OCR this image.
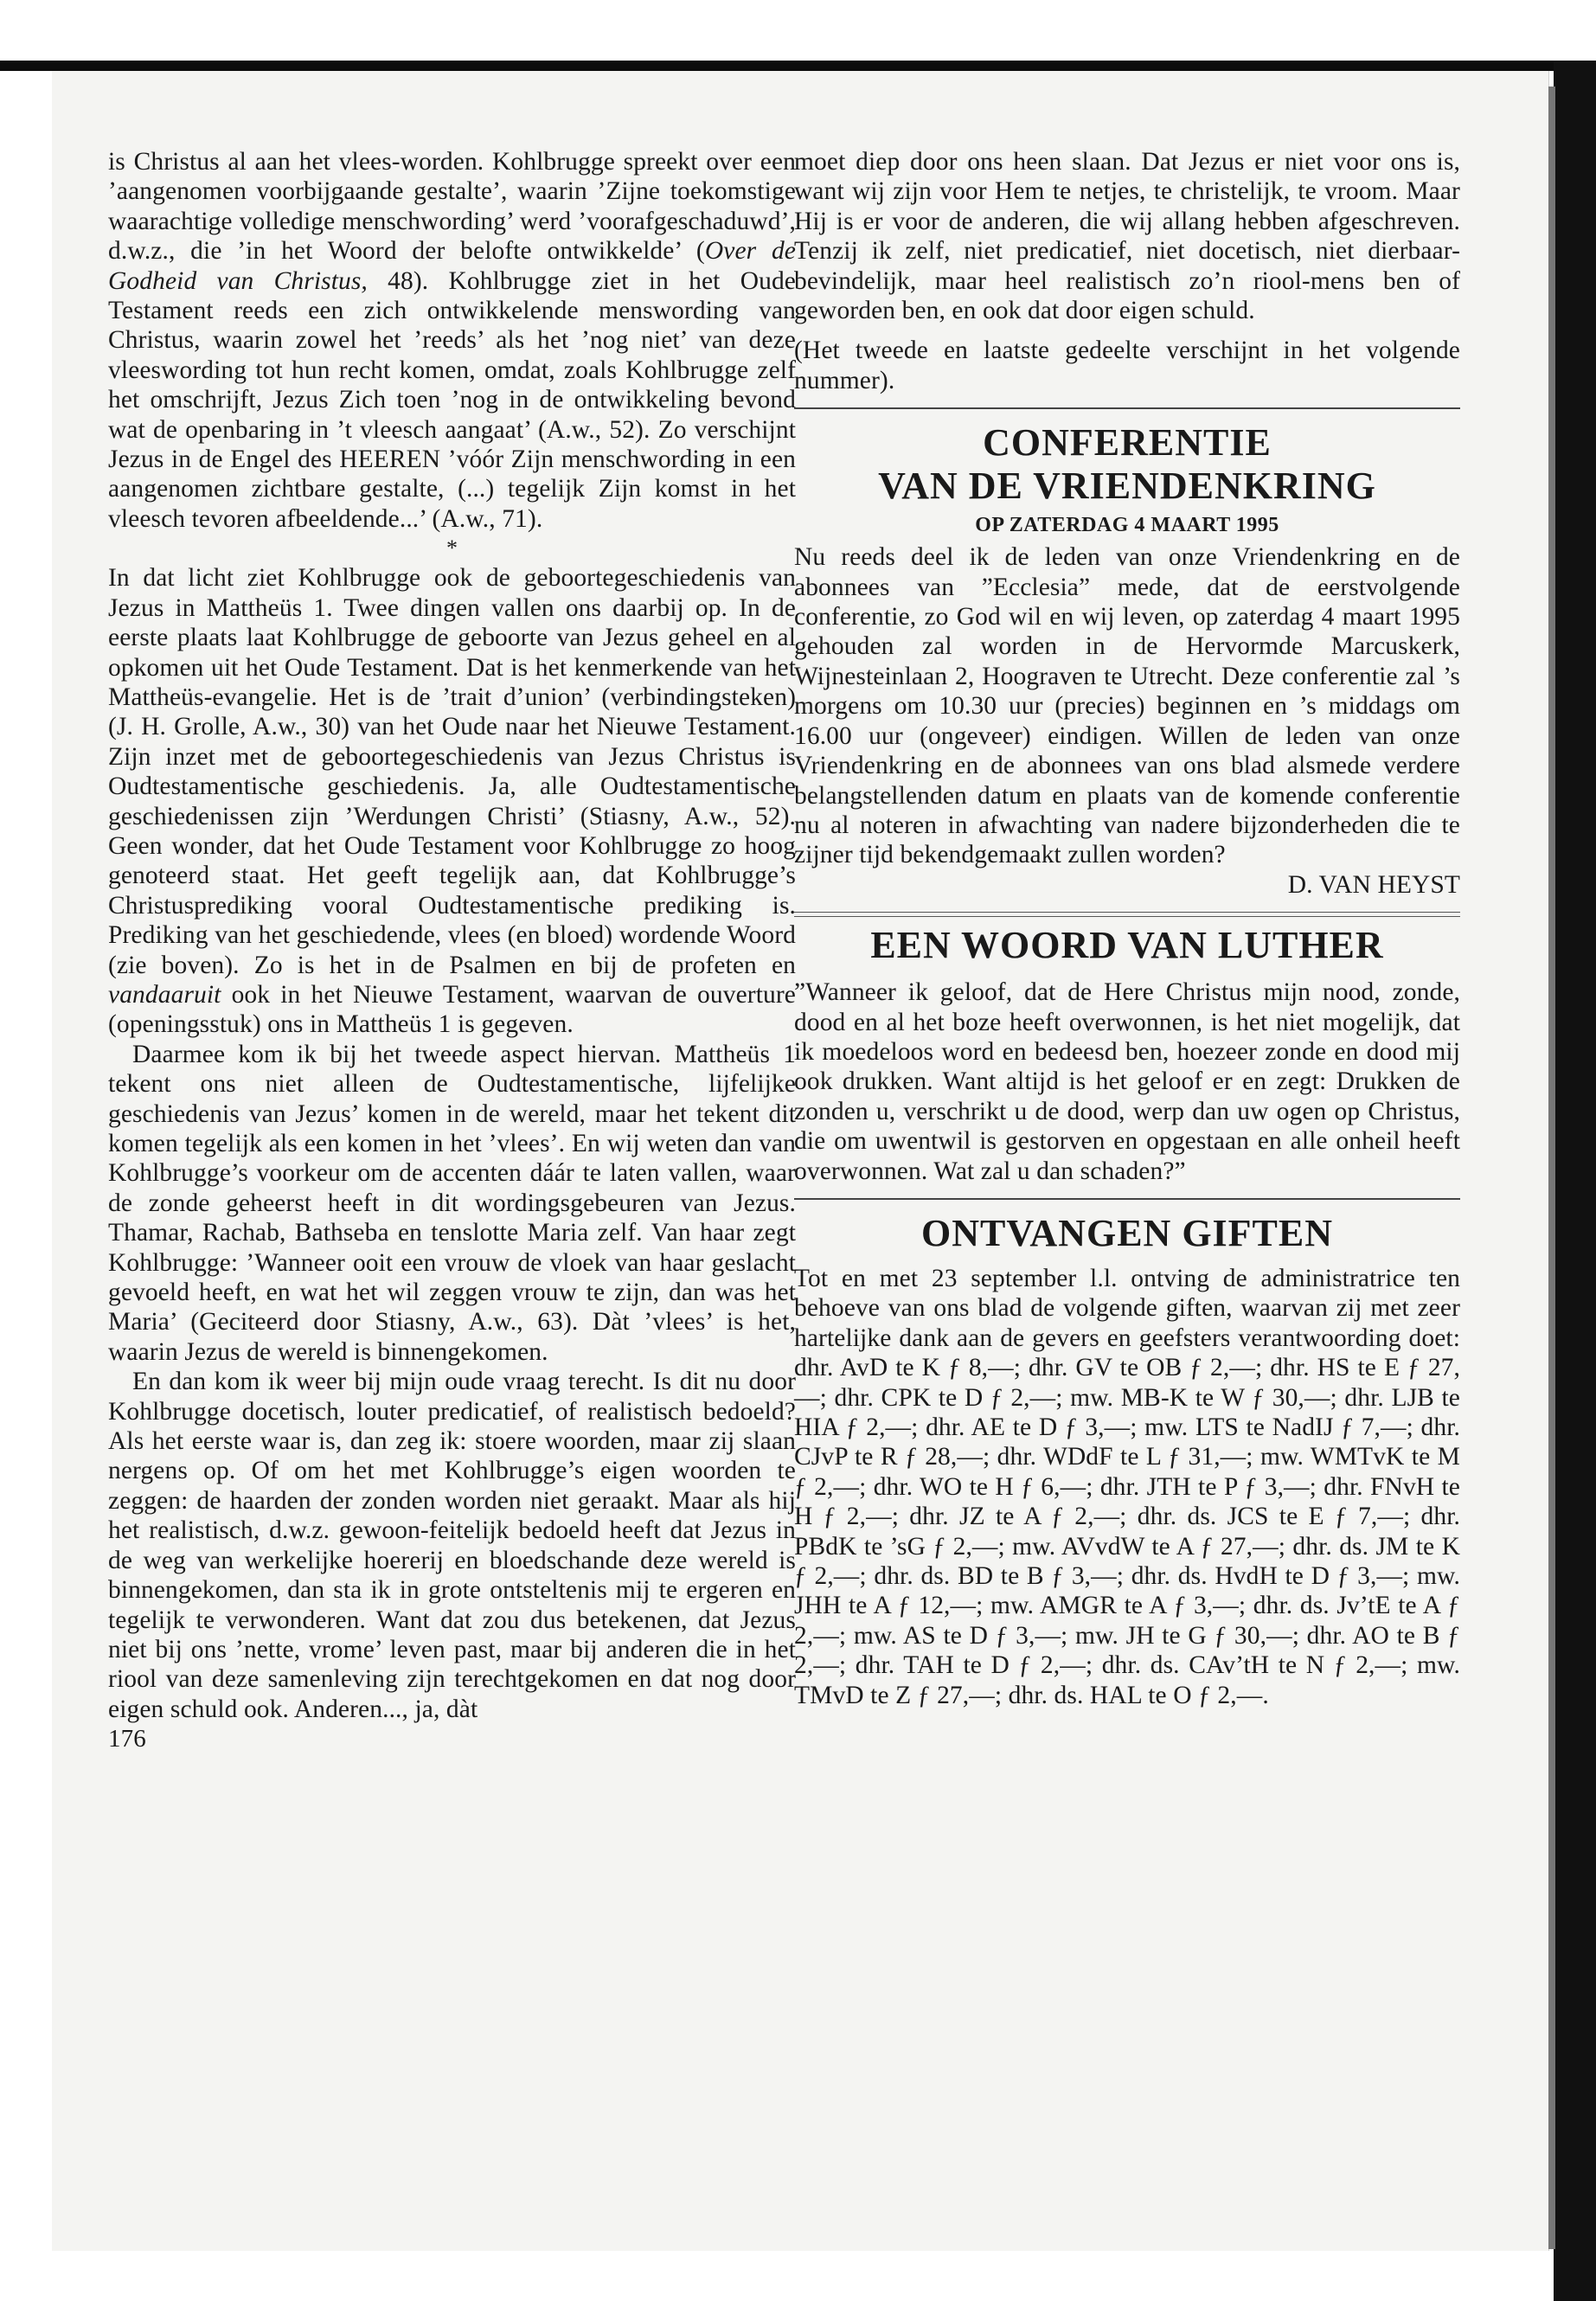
is Christus al aan het vlees-worden. Kohlbrugge spreekt over een ’aangenomen voorbijgaande gestalte’, waarin ’Zijne toekomstige waarachtige volledige menschwording’ werd ’voorafgeschaduwd’, d.w.z., die ’in het Woord der belofte ontwikkelde’ (Over de Godheid van Christus, 48). Kohlbrugge ziet in het Oude Testament reeds een zich ontwikkelende menswording van Christus, waarin zowel het ’reeds’ als het ’nog niet’ van deze vleeswording tot hun recht komen, omdat, zoals Kohlbrugge zelf het omschrijft, Jezus Zich toen ’nog in de ontwikkeling bevond wat de openbaring in ’t vleesch aangaat’ (A.w., 52). Zo verschijnt Jezus in de Engel des HEEREN ’vóór Zijn menschwording in een aangenomen zichtbare gestalte, (...) tegelijk Zijn komst in het vleesch tevoren afbeeldende...’ (A.w., 71).

*

In dat licht ziet Kohlbrugge ook de geboortegeschiedenis van Jezus in Mattheüs 1. Twee dingen vallen ons daarbij op. In de eerste plaats laat Kohlbrugge de geboorte van Jezus geheel en al opkomen uit het Oude Testament. Dat is het kenmerkende van het Mattheüs-evangelie. Het is de ’trait d’union’ (verbindingsteken) (J. H. Grolle, A.w., 30) van het Oude naar het Nieuwe Testament. Zijn inzet met de geboortegeschiedenis van Jezus Christus is Oudtestamentische geschiedenis. Ja, alle Oudtestamentische geschiedenissen zijn ’Werdungen Christi’ (Stiasny, A.w., 52). Geen wonder, dat het Oude Testament voor Kohlbrugge zo hoog genoteerd staat. Het geeft tegelijk aan, dat Kohlbrugge’s Christusprediking vooral Oudtestamentische prediking is. Prediking van het geschiedende, vlees (en bloed) wordende Woord (zie boven). Zo is het in de Psalmen en bij de profeten en vandaaruit ook in het Nieuwe Testament, waarvan de ouverture (openingsstuk) ons in Mattheüs 1 is gegeven.

Daarmee kom ik bij het tweede aspect hiervan. Mattheüs 1 tekent ons niet alleen de Oudtestamentische, lijfelijke geschiedenis van Jezus’ komen in de wereld, maar het tekent dit komen tegelijk als een komen in het ’vlees’. En wij weten dan van Kohlbrugge’s voorkeur om de accenten dáár te laten vallen, waar de zonde geheerst heeft in dit wordingsgebeuren van Jezus. Thamar, Rachab, Bathseba en tenslotte Maria zelf. Van haar zegt Kohlbrugge: ’Wanneer ooit een vrouw de vloek van haar geslacht gevoeld heeft, en wat het wil zeggen vrouw te zijn, dan was het Maria’ (Geciteerd door Stiasny, A.w., 63). Dàt ’vlees’ is het, waarin Jezus de wereld is binnengekomen.

En dan kom ik weer bij mijn oude vraag terecht. Is dit nu door Kohlbrugge docetisch, louter predicatief, of realistisch bedoeld? Als het eerste waar is, dan zeg ik: stoere woorden, maar zij slaan nergens op. Of om het met Kohlbrugge’s eigen woorden te zeggen: de haarden der zonden worden niet geraakt. Maar als hij het realistisch, d.w.z. gewoon-feitelijk bedoeld heeft dat Jezus in de weg van werkelijke hoererij en bloedschande deze wereld is binnengekomen, dan sta ik in grote ontsteltenis mij te ergeren en tegelijk te verwonderen. Want dat zou dus betekenen, dat Jezus niet bij ons ’nette, vrome’ leven past, maar bij anderen die in het riool van deze samenleving zijn terechtgekomen en dat nog door eigen schuld ook. Anderen..., ja, dàt

176

moet diep door ons heen slaan. Dat Jezus er niet voor ons is, want wij zijn voor Hem te netjes, te christelijk, te vroom. Maar Hij is er voor de anderen, die wij allang hebben afgeschreven. Tenzij ik zelf, niet predicatief, niet docetisch, niet dierbaar-bevindelijk, maar heel realistisch zo’n riool-mens ben of geworden ben, en ook dat door eigen schuld.

(Het tweede en laatste gedeelte verschijnt in het volgende nummer).

CONFERENTIE

VAN DE VRIENDENKRING

OP ZATERDAG 4 MAART 1995

Nu reeds deel ik de leden van onze Vriendenkring en de abonnees van ”Ecclesia” mede, dat de eerstvolgende conferentie, zo God wil en wij leven, op zaterdag 4 maart 1995 gehouden zal worden in de Hervormde Marcuskerk, Wijnesteinlaan 2, Hoograven te Utrecht. Deze conferentie zal ’s morgens om 10.30 uur (precies) beginnen en ’s middags om 16.00 uur (ongeveer) eindigen. Willen de leden van onze Vriendenkring en de abonnees van ons blad alsmede verdere belangstellenden datum en plaats van de komende conferentie nu al noteren in afwachting van nadere bijzonderheden die te zijner tijd bekendgemaakt zullen worden?

D. VAN HEYST

EEN WOORD VAN LUTHER

”Wanneer ik geloof, dat de Here Christus mijn nood, zonde, dood en al het boze heeft overwonnen, is het niet mogelijk, dat ik moedeloos word en bedeesd ben, hoezeer zonde en dood mij ook drukken. Want altijd is het geloof er en zegt: Drukken de zonden u, verschrikt u de dood, werp dan uw ogen op Christus, die om uwentwil is gestorven en opgestaan en alle onheil heeft overwonnen. Wat zal u dan schaden?”

ONTVANGEN GIFTEN

Tot en met 23 september l.l. ontving de administratrice ten behoeve van ons blad de volgende giften, waarvan zij met zeer hartelijke dank aan de gevers en geefsters verantwoording doet: dhr. AvD te K ƒ 8,—; dhr. GV te OB ƒ 2,—; dhr. HS te E ƒ 27,—; dhr. CPK te D ƒ 2,—; mw. MB-K te W ƒ 30,—; dhr. LJB te HIA ƒ 2,—; dhr. AE te D ƒ 3,—; mw. LTS te NadIJ ƒ 7,—; dhr. CJvP te R ƒ 28,—; dhr. WDdF te L ƒ 31,—; mw. WMTvK te M ƒ 2,—; dhr. WO te H ƒ 6,—; dhr. JTH te P ƒ 3,—; dhr. FNvH te H ƒ 2,—; dhr. JZ te A ƒ 2,—; dhr. ds. JCS te E ƒ 7,—; dhr. PBdK te ’sG ƒ 2,—; mw. AVvdW te A ƒ 27,—; dhr. ds. JM te K ƒ 2,—; dhr. ds. BD te B ƒ 3,—; dhr. ds. HvdH te D ƒ 3,—; mw. JHH te A ƒ 12,—; mw. AMGR te A ƒ 3,—; dhr. ds. Jv’tE te A ƒ 2,—; mw. AS te D ƒ 3,—; mw. JH te G ƒ 30,—; dhr. AO te B ƒ 2,—; dhr. TAH te D ƒ 2,—; dhr. ds. CAv’tH te N ƒ 2,—; mw. TMvD te Z ƒ 27,—; dhr. ds. HAL te O ƒ 2,—.
